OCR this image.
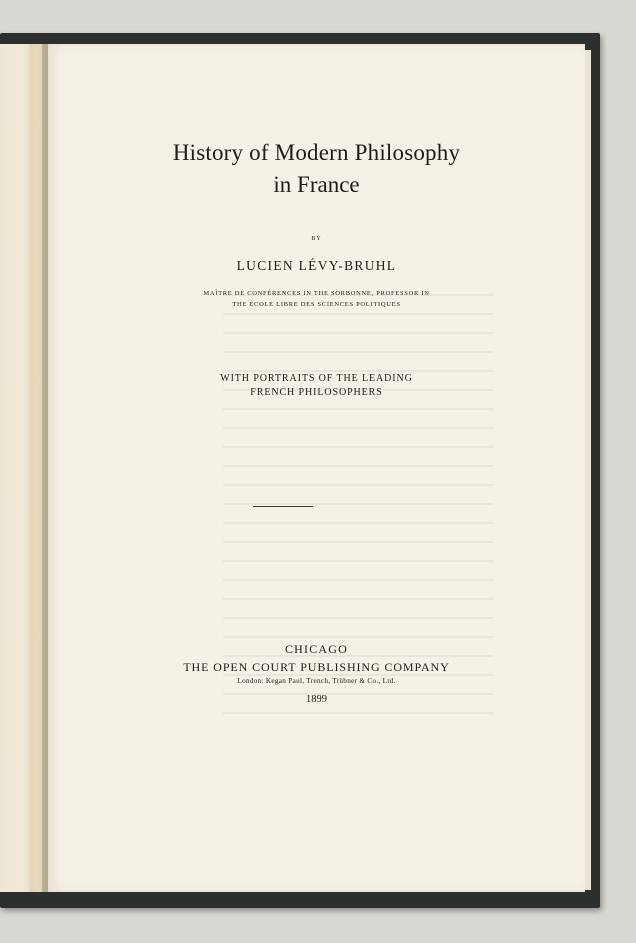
History of Modern Philosophy
in France
BY
LUCIEN LÉVY-BRUHL
MAÎTRE DE CONFÉRENCES IN THE SORBONNE, PROFESSOR IN
THE ÉCOLE LIBRE DES SCIENCES POLITIQUES
WITH PORTRAITS OF THE LEADING
FRENCH PHILOSOPHERS
CHICAGO
THE OPEN COURT PUBLISHING COMPANY
London: Kegan Paul, Trench, Trübner & Co., Ltd.
1899
